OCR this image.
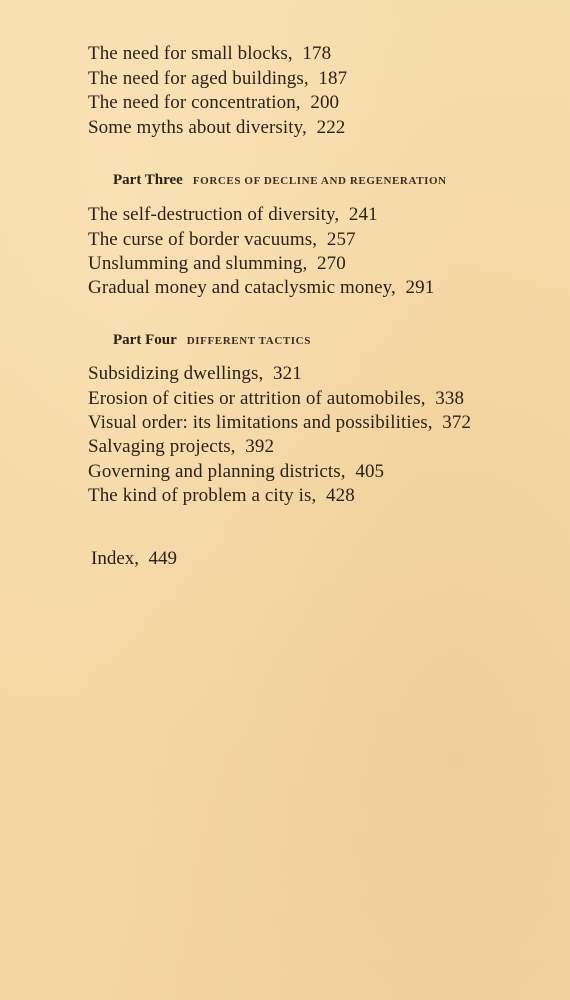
The need for small blocks, 178
The need for aged buildings, 187
The need for concentration, 200
Some myths about diversity, 222
Part Three FORCES OF DECLINE AND REGENERATION
The self-destruction of diversity, 241
The curse of border vacuums, 257
Unslumming and slumming, 270
Gradual money and cataclysmic money, 291
Part Four DIFFERENT TACTICS
Subsidizing dwellings, 321
Erosion of cities or attrition of automobiles, 338
Visual order: its limitations and possibilities, 372
Salvaging projects, 392
Governing and planning districts, 405
The kind of problem a city is, 428
Index, 449
